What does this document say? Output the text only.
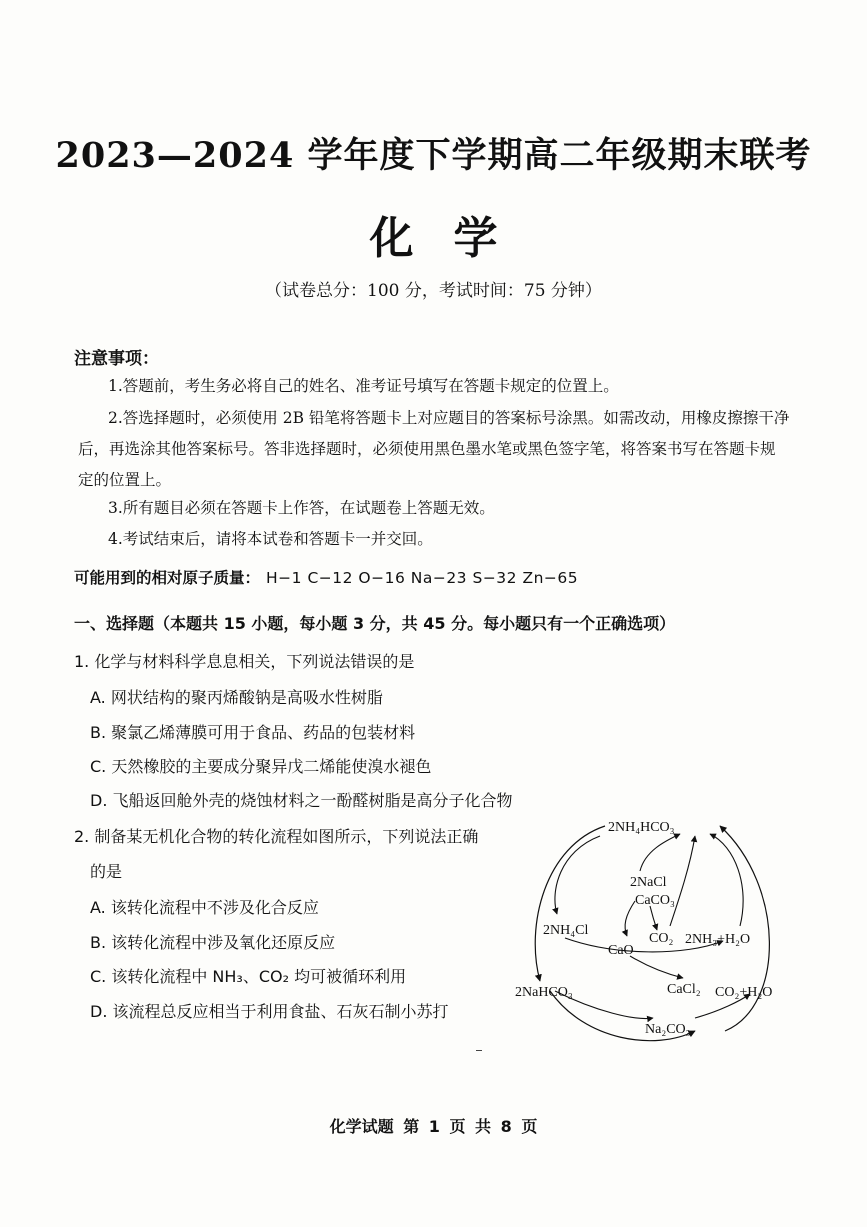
2023—2024 学年度下学期高二年级期末联考
化学
（试卷总分：100 分，考试时间：75 分钟）
注意事项：

1.答题前，考生务必将自己的姓名、准考证号填写在答题卡规定的位置上。

2.答选择题时，必须使用 2B 铅笔将答题卡上对应题目的答案标号涂黑。如需改动，用橡皮擦擦干净后，再选涂其他答案标号。答非选择题时，必须使用黑色墨水笔或黑色签字笔，将答案书写在答题卡规定的位置上。

3.所有题目必须在答题卡上作答，在试题卷上答题无效。

4.考试结束后，请将本试卷和答题卡一并交回。

可能用到的相对原子质量： H−1 C−12 O−16 Na−23 S−32 Zn−65
一、选择题（本题共 15 小题，每小题 3 分，共 45 分。每小题只有一个正确选项）
1. 化学与材料科学息息相关，下列说法错误的是
A. 网状结构的聚丙烯酸钠是高吸水性树脂
B. 聚氯乙烯薄膜可用于食品、药品的包装材料
C. 天然橡胶的主要成分聚异戊二烯能使溴水褪色
D. 飞船返回舱外壳的烧蚀材料之一酚醛树脂是高分子化合物
2. 制备某无机化合物的转化流程如图所示，下列说法正确
的是
A. 该转化流程中不涉及化合反应
B. 该转化流程中涉及氧化还原反应
C. 该转化流程中 NH₃、CO₂ 均可被循环利用
D. 该流程总反应相当于利用食盐、石灰石制小苏打
2NH₄HCO₃
2NaCl
CaCO₃
2NH₄Cl
CO₂ 2NH₃+H₂O
CaO
2NaHCO₃	CaCl₂ CO₂+H₂O
Na₂CO₃
化学试题 第 1 页 共 8 页
